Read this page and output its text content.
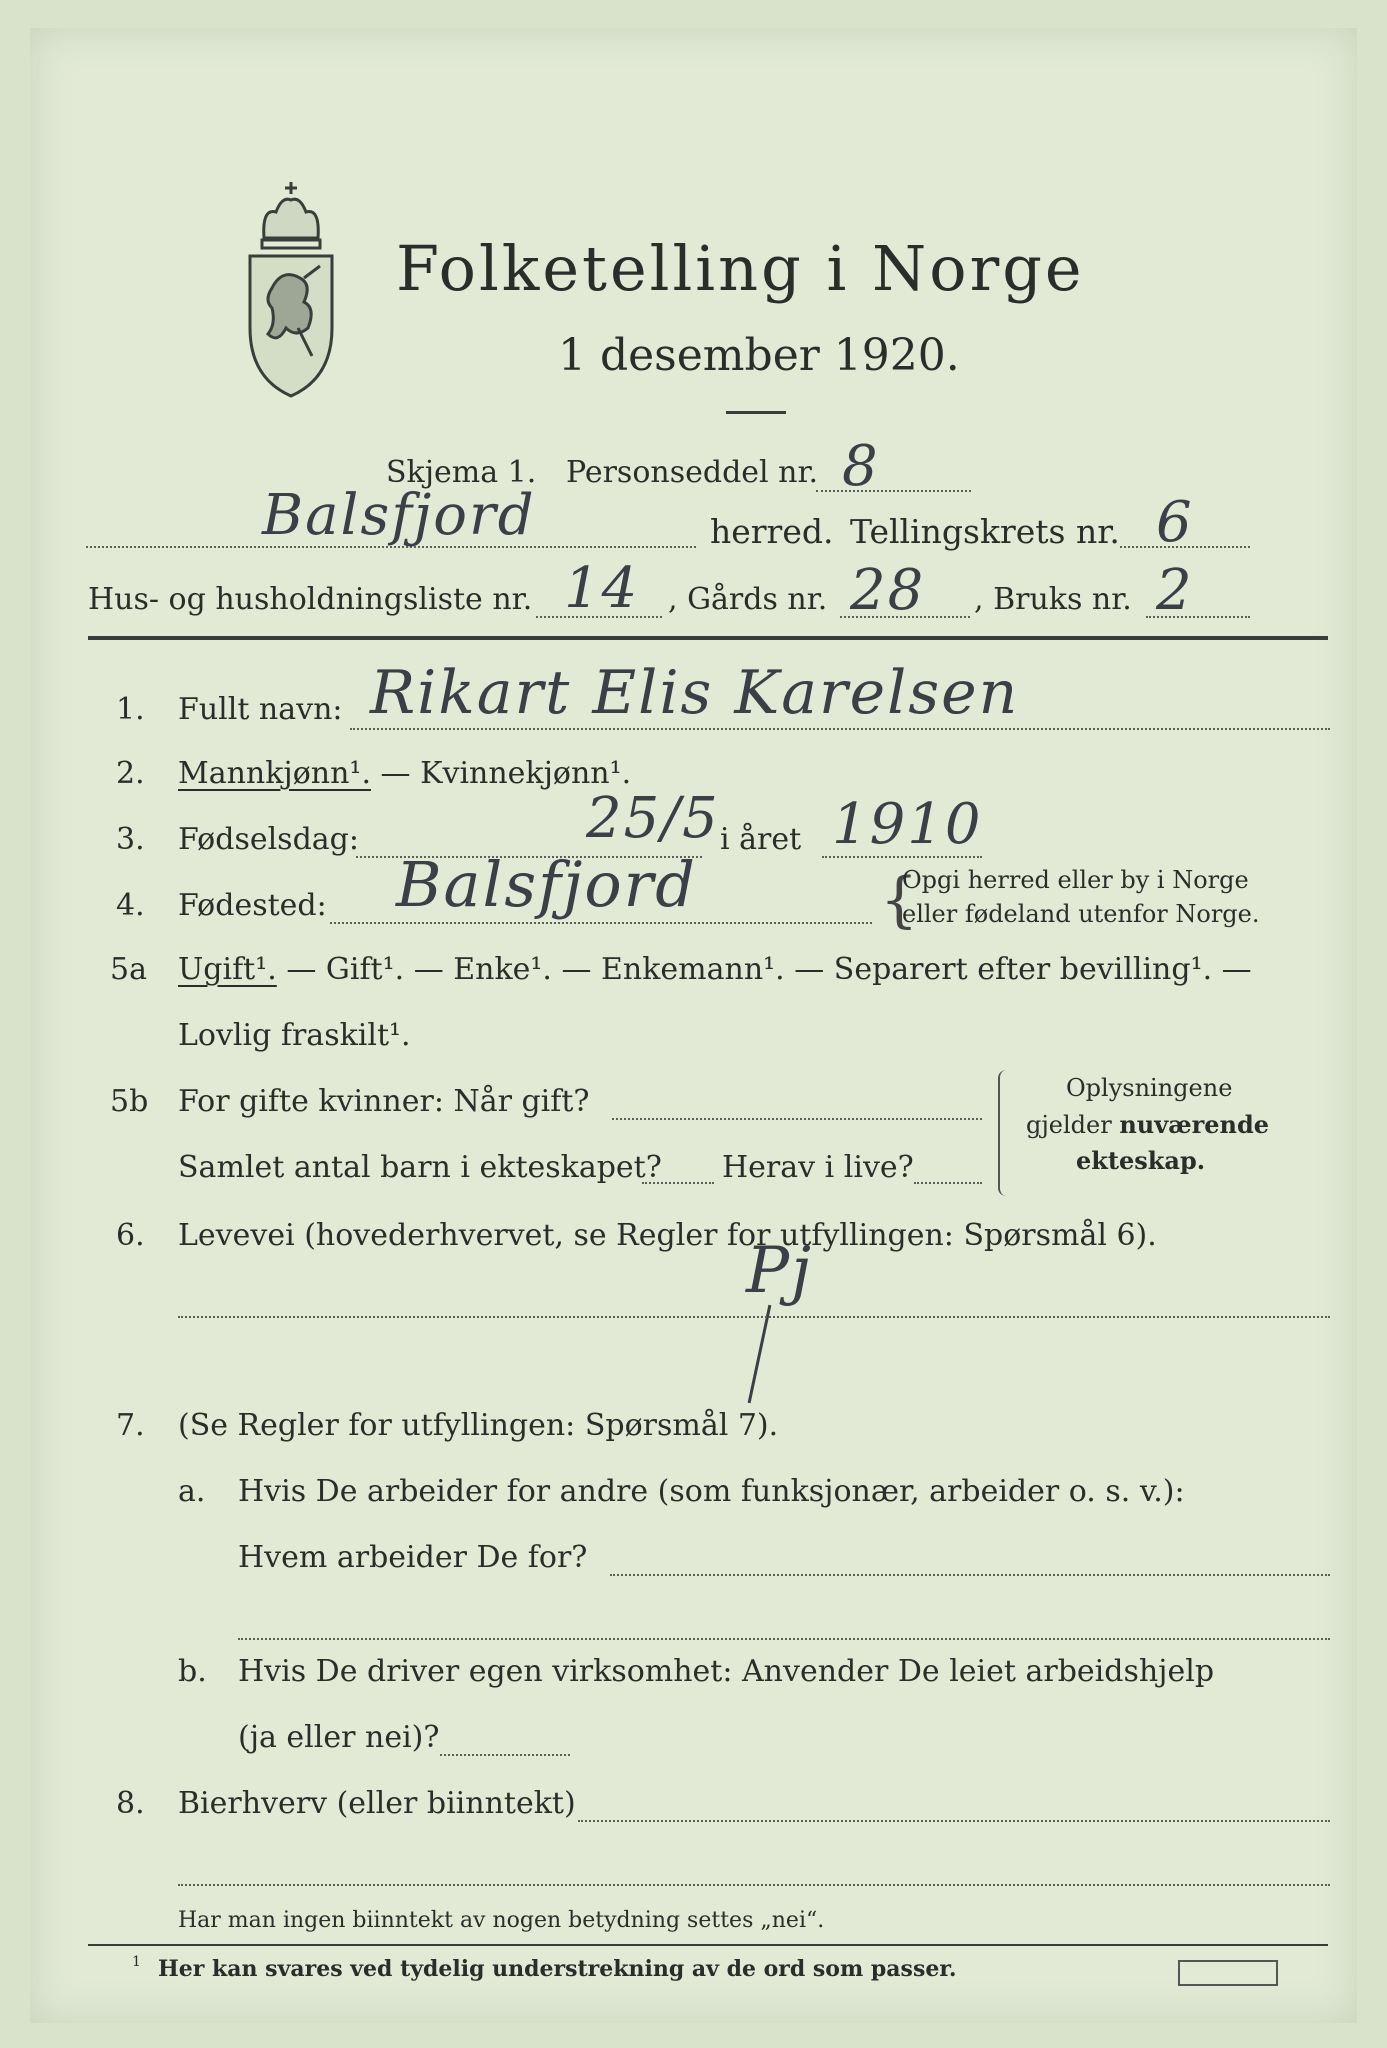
Folketelling i Norge
1 desember 1920.
Skjema 1. Personseddel nr. 8
Balsfjord	herred. Tellingskrets nr. 6
Hus- og husholdningsliste nr. 14 , Gårds nr. 28 , Bruks nr. 2
1. Fullt navn: Rikart Elis Karelsen
2. Mannkjønn¹. — Kvinnekjønn¹.
3. Fødselsdag:	25/5 i året 1910
4. Fødested: Balsfjord	{
Opgi herred eller by i Norge
eller fødeland utenfor Norge.
5a Ugift¹. — Gift¹. — Enke¹. — Enkemann¹. — Separert efter bevilling¹. —
Lovlig fraskilt¹.
5b For gifte kvinner: Når gift?
Samlet antal barn i ekteskapet? Herav i live?
Oplysningene
gjelder nuværende
ekteskap.
6. Levevei (hovederhvervet, se Regler for utfyllingen: Spørsmål 6).
Pj
7. (Se Regler for utfyllingen: Spørsmål 7).
a. Hvis De arbeider for andre (som funksjonær, arbeider o. s. v.):
Hvem arbeider De for?
b. Hvis De driver egen virksomhet: Anvender De leiet arbeidshjelp
(ja eller nei)?
8. Bierhverv (eller biinntekt)
Har man ingen biinntekt av nogen betydning settes „nei“.
1 Her kan svares ved tydelig understrekning av de ord som passer.
